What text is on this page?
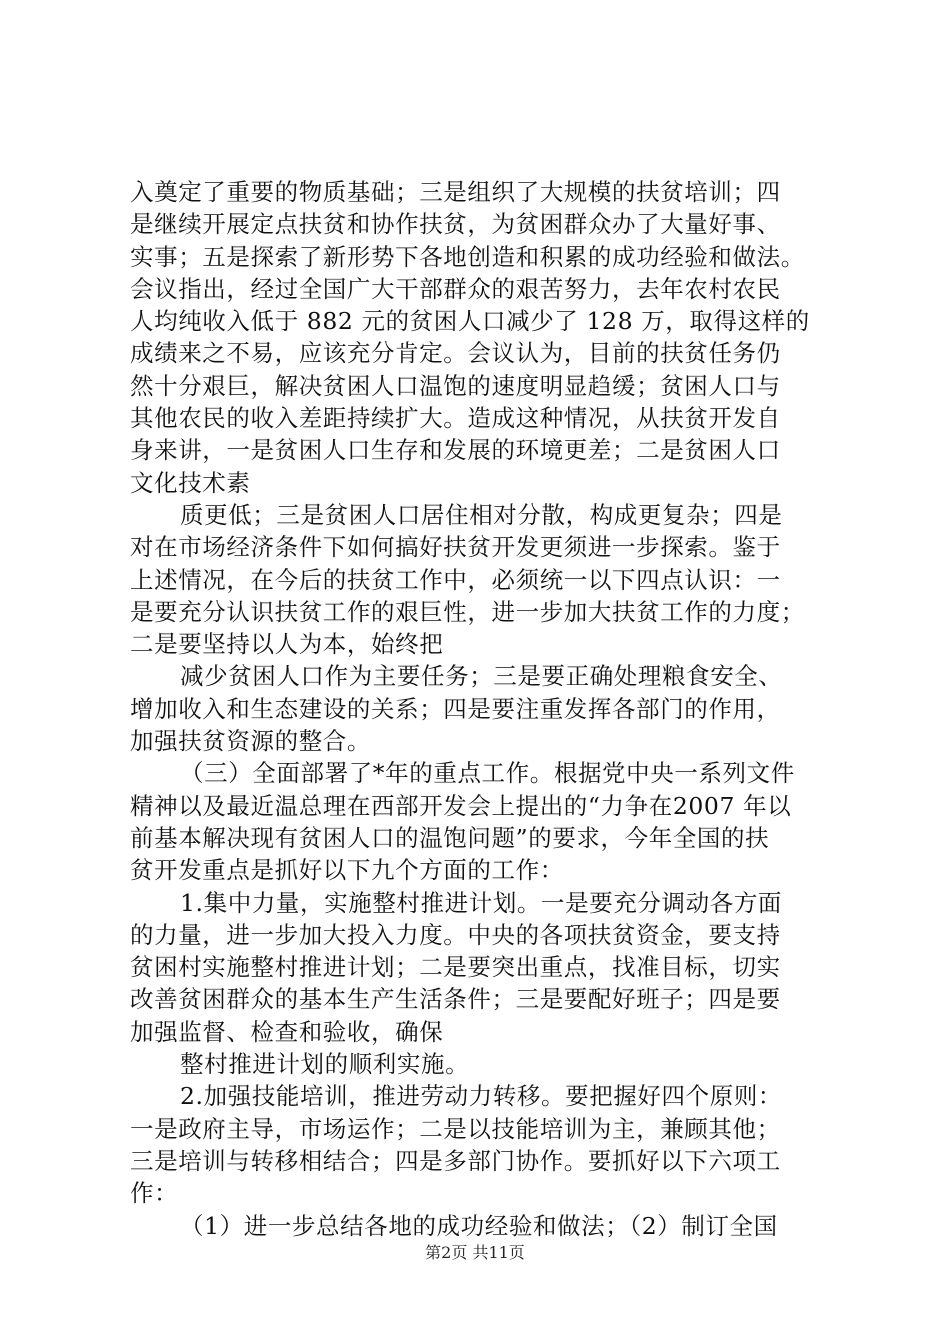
入奠定了重要的物质基础；三是组织了大规模的扶贫培训；四
是继续开展定点扶贫和协作扶贫，为贫困群众办了大量好事、
实事；五是探索了新形势下各地创造和积累的成功经验和做法。
会议指出，经过全国广大干部群众的艰苦努力，去年农村农民
人均纯收入低于 882 元的贫困人口减少了 128 万，取得这样的
成绩来之不易，应该充分肯定。会议认为，目前的扶贫任务仍
然十分艰巨，解决贫困人口温饱的速度明显趋缓；贫困人口与
其他农民的收入差距持续扩大。造成这种情况，从扶贫开发自
身来讲，一是贫困人口生存和发展的环境更差；二是贫困人口
文化技术素
质更低；三是贫困人口居住相对分散，构成更复杂；四是
对在市场经济条件下如何搞好扶贫开发更须进一步探索。鉴于
上述情况，在今后的扶贫工作中，必须统一以下四点认识：一
是要充分认识扶贫工作的艰巨性，进一步加大扶贫工作的力度；
二是要坚持以人为本，始终把
减少贫困人口作为主要任务；三是要正确处理粮食安全、
增加收入和生态建设的关系；四是要注重发挥各部门的作用，
加强扶贫资源的整合。
（三）全面部署了*年的重点工作。根据党中央一系列文件
精神以及最近温总理在西部开发会上提出的“力争在2007 年以
前基本解决现有贫困人口的温饱问题”的要求，今年全国的扶
贫开发重点是抓好以下九个方面的工作：
1.集中力量，实施整村推进计划。一是要充分调动各方面
的力量，进一步加大投入力度。中央的各项扶贫资金，要支持
贫困村实施整村推进计划；二是要突出重点，找准目标，切实
改善贫困群众的基本生产生活条件；三是要配好班子；四是要
加强监督、检查和验收，确保
整村推进计划的顺利实施。
2.加强技能培训，推进劳动力转移。要把握好四个原则：
一是政府主导，市场运作；二是以技能培训为主，兼顾其他；
三是培训与转移相结合；四是多部门协作。要抓好以下六项工
作：
（1）进一步总结各地的成功经验和做法；（2）制订全国
第2页 共11页
